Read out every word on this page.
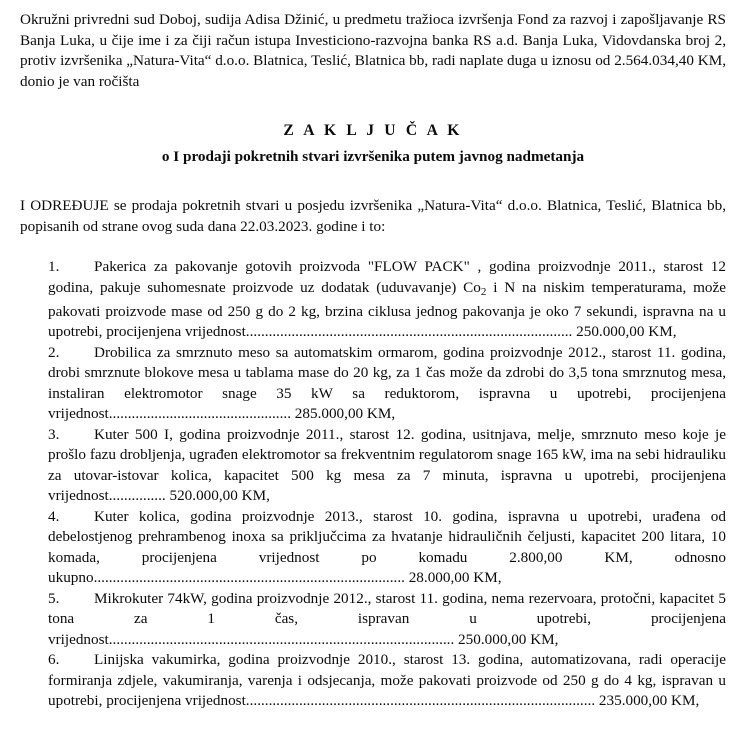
Okružni privredni sud Doboj, sudija Adisa Džinić, u predmetu tražioca izvršenja Fond za razvoj i zapošljavanje RS Banja Luka, u čije ime i za čiji račun istupa Investiciono-razvojna banka RS a.d. Banja Luka, Vidovdanska broj 2, protiv izvršenika „Natura-Vita“ d.o.o. Blatnica, Teslić, Blatnica bb, radi naplate duga u iznosu od 2.564.034,40 KM, donio je van ročišta

Z A K L J U Č A K
o I prodaji pokretnih stvari izvršenika putem javnog nadmetanja

I ODREĐUJE se prodaja pokretnih stvari u posjedu izvršenika „Natura-Vita“ d.o.o. Blatnica, Teslić, Blatnica bb, popisanih od strane ovog suda dana 22.03.2023. godine i to:

1. Pakerica za pakovanje gotovih proizvoda "FLOW PACK" , godina proizvodnje 2011., starost 12 godina, pakuje suhomesnate proizvode uz dodatak (uduvavanje) $Co_2$ i N na niskim temperaturama, može pakovati proizvode mase od 250 g do 2 kg, brzina ciklusa jednog pakovanja je oko 7 sekundi, ispravna na u upotrebi, procijenjena vrijednost...................................................................................... 250.000,00 KM,

2. Drobilica za smrznuto meso sa automatskim ormarom, godina proizvodnje 2012., starost 11. godina, drobi smrznute blokove mesa u tablama mase do 20 kg, za 1 čas može da zdrobi do 3,5 tona smrznutog mesa, instaliran elektromotor snage 35 kW sa reduktorom, ispravna u upotrebi, procijenjena vrijednost................................................ 285.000,00 KM,

3. Kuter 500 I, godina proizvodnje 2011., starost 12. godina, usitnjava, melje, smrznuto meso koje je prošlo fazu drobljenja, ugrađen elektromotor sa frekventnim regulatorom snage 165 kW, ima na sebi hidrauliku za utovar-istovar kolica, kapacitet 500 kg mesa za 7 minuta, ispravna u upotrebi, procijenjena vrijednost............... 520.000,00 KM,

4. Kuter kolica, godina proizvodnje 2013., starost 10. godina, ispravna u upotrebi, urađena od debelostjenog prehrambenog inoxa sa priključcima za hvatanje hidrauličnih čeljusti, kapacitet 200 litara, 10 komada, procijenjena vrijednost po komadu 2.800,00 KM, odnosno ukupno.................................................................................. 28.000,00 KM,

5. Mikrokuter 74kW, godina proizvodnje 2012., starost 11. godina, nema rezervoara, protočni, kapacitet 5 tona za 1 čas, ispravan u upotrebi, procijenjena vrijednost........................................................................................... 250.000,00 KM,

6. Linijska vakumirka, godina proizvodnje 2010., starost 13. godina, automatizovana, radi operacije formiranja zdjele, vakumiranja, varenja i odsjecanja, može pakovati proizvode od 250 g do 4 kg, ispravan u upotrebi, procijenjena vrijednost............................................................................................ 235.000,00 KM,
